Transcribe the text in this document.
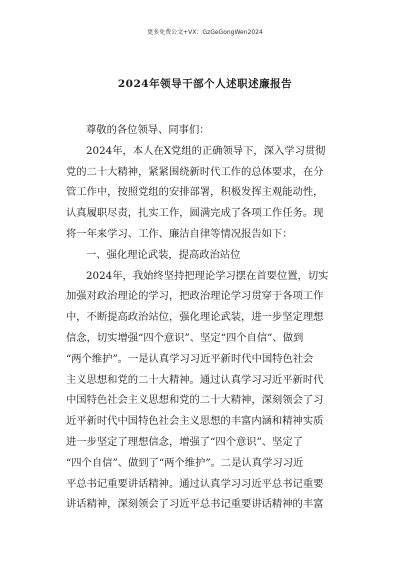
更多免费公文+VX：GzGeGongWen2024
2024年领导干部个人述职述廉报告
尊敬的各位领导、同事们：
2024年，本人在X党组的正确领导下，深入学习贯彻
党的二十大精神，紧紧围绕新时代工作的总体要求，在分
管工作中，按照党组的安排部署，积极发挥主观能动性，
认真履职尽责，扎实工作，圆满完成了各项工作任务。现
将一年来学习、工作、廉洁自律等情况报告如下：
一、强化理论武装，提高政治站位
2024年，我始终坚持把理论学习摆在首要位置，切实
加强对政治理论的学习，把政治理论学习贯穿于各项工作
中，不断提高政治站位，强化理论武装，进一步坚定理想
信念，切实增强“四个意识”、坚定“四个自信”、做到
“两个维护”。一是认真学习习近平新时代中国特色社会
主义思想和党的二十大精神。通过认真学习习近平新时代
中国特色社会主义思想和党的二十大精神，深刻领会了习
近平新时代中国特色社会主义思想的丰富内涵和精神实质
进一步坚定了理想信念，增强了“四个意识”、坚定了
“四个自信”、做到了“两个维护”。二是认真学习习近
平总书记重要讲话精神。通过认真学习习近平总书记重要
讲话精神，深刻领会了习近平总书记重要讲话精神的丰富
